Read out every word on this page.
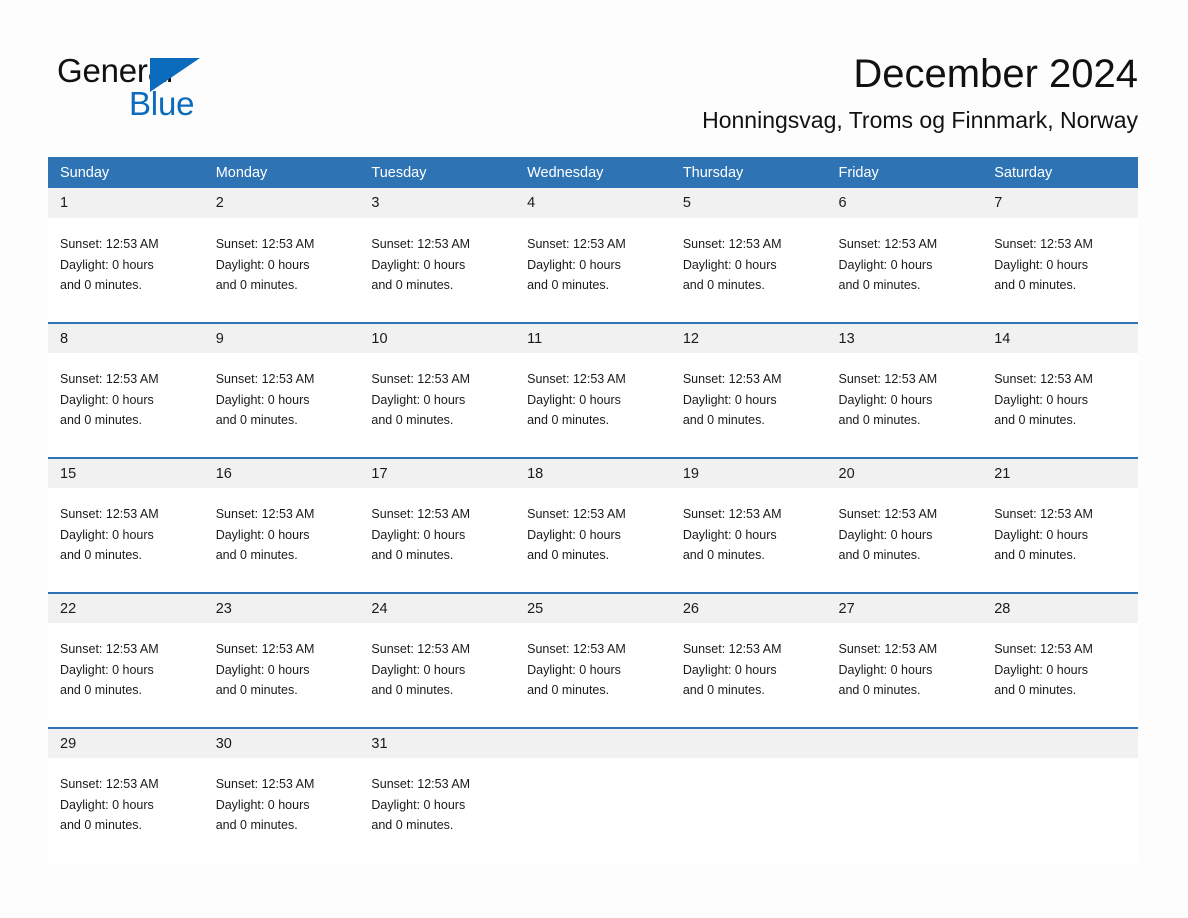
General
Blue
December 2024
Honningsvag, Troms og Finnmark, Norway
Sunday	Monday	Tuesday	Wednesday	Thursday	Friday	Saturday
1	2	3	4	5	6	7

Sunset: 12:53 AM
Daylight: 0 hours
and 0 minutes.

Sunset: 12:53 AM
Daylight: 0 hours
and 0 minutes.

Sunset: 12:53 AM
Daylight: 0 hours
and 0 minutes.

Sunset: 12:53 AM
Daylight: 0 hours
and 0 minutes.

Sunset: 12:53 AM
Daylight: 0 hours
and 0 minutes.

Sunset: 12:53 AM
Daylight: 0 hours
and 0 minutes.

Sunset: 12:53 AM
Daylight: 0 hours
and 0 minutes.

8	9	10	11	12	13	14

Sunset: 12:53 AM
Daylight: 0 hours
and 0 minutes.

Sunset: 12:53 AM
Daylight: 0 hours
and 0 minutes.

Sunset: 12:53 AM
Daylight: 0 hours
and 0 minutes.

Sunset: 12:53 AM
Daylight: 0 hours
and 0 minutes.

Sunset: 12:53 AM
Daylight: 0 hours
and 0 minutes.

Sunset: 12:53 AM
Daylight: 0 hours
and 0 minutes.

Sunset: 12:53 AM
Daylight: 0 hours
and 0 minutes.

15	16	17	18	19	20	21

Sunset: 12:53 AM
Daylight: 0 hours
and 0 minutes.

Sunset: 12:53 AM
Daylight: 0 hours
and 0 minutes.

Sunset: 12:53 AM
Daylight: 0 hours
and 0 minutes.

Sunset: 12:53 AM
Daylight: 0 hours
and 0 minutes.

Sunset: 12:53 AM
Daylight: 0 hours
and 0 minutes.

Sunset: 12:53 AM
Daylight: 0 hours
and 0 minutes.

Sunset: 12:53 AM
Daylight: 0 hours
and 0 minutes.

22	23	24	25	26	27	28

Sunset: 12:53 AM
Daylight: 0 hours
and 0 minutes.

Sunset: 12:53 AM
Daylight: 0 hours
and 0 minutes.

Sunset: 12:53 AM
Daylight: 0 hours
and 0 minutes.

Sunset: 12:53 AM
Daylight: 0 hours
and 0 minutes.

Sunset: 12:53 AM
Daylight: 0 hours
and 0 minutes.

Sunset: 12:53 AM
Daylight: 0 hours
and 0 minutes.

Sunset: 12:53 AM
Daylight: 0 hours
and 0 minutes.

29	30	31				

Sunset: 12:53 AM
Daylight: 0 hours
and 0 minutes.

Sunset: 12:53 AM
Daylight: 0 hours
and 0 minutes.

Sunset: 12:53 AM
Daylight: 0 hours
and 0 minutes.
